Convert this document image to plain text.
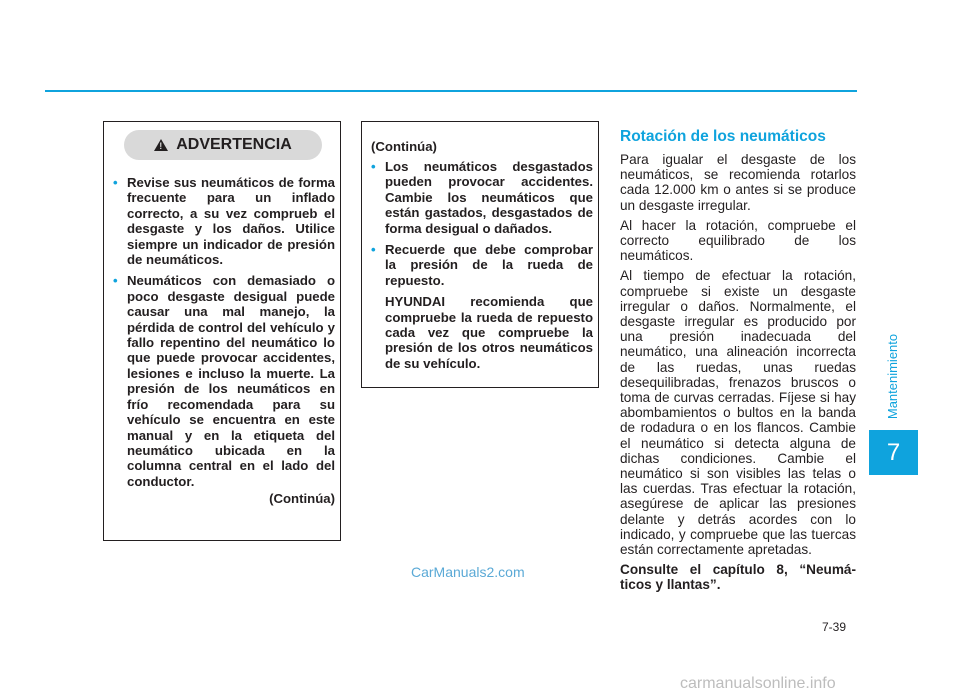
Mantenimiento
7
!
ADVERTENCIA

• Revise sus neumáticos de forma frecuente para un inflado correcto, a su vez comprueb el desgaste y los daños. Utilice siempre un indicador de presión de neumáticos.

• Neumáticos con demasiado o poco desgaste desigual puede causar una mal manejo, la pérdida de control del vehículo y fallo repentino del neumático lo que puede provocar accidentes, lesiones e incluso la muerte. La presión de los neumáticos en frío recomendada para su vehículo se encuentra en este manual y en la etiqueta del neumático ubicada en la columna central en el lado del conductor.

(Continúa)

(Continúa)

• Los neumáticos desgastados pueden provocar accidentes. Cambie los neumáticos que están gastados, desgastados de forma desigual o dañados.

• Recuerde que debe comprobar la presión de la rueda de repuesto.

HYUNDAI recomienda que compruebe la rueda de repuesto cada vez que compruebe la presión de los otros neumáticos de su vehículo.

Rotación de los neumáticos

Para igualar el desgaste de los neumáticos, se recomienda rotarlos cada 12.000 km o antes si se produce un desgaste irregular.

Al hacer la rotación, compruebe el correcto equilibrado de los neumáticos.

Al tiempo de efectuar la rotación, compruebe si existe un desgaste irregular o daños. Normalmente, el desgaste irregular es producido por una presión inadecuada del neumático, una alineación incorrecta de las ruedas, unas ruedas desequilibradas, frenazos bruscos o toma de curvas cerradas. Fíjese si hay abombamientos o bultos en la banda de rodadura o en los flancos. Cambie el neumático si detecta alguna de dichas condiciones. Cambie el neumático si son visibles las telas o las cuerdas. Tras efectuar la rotación, asegúrese de aplicar las presiones delante y detrás acordes con lo indicado, y compruebe que las tuercas están correctamente apretadas.

Consulte el capítulo 8, “Neumá-ticos y llantas”.

7-39
CarManuals2.com
carmanualsonline.info
